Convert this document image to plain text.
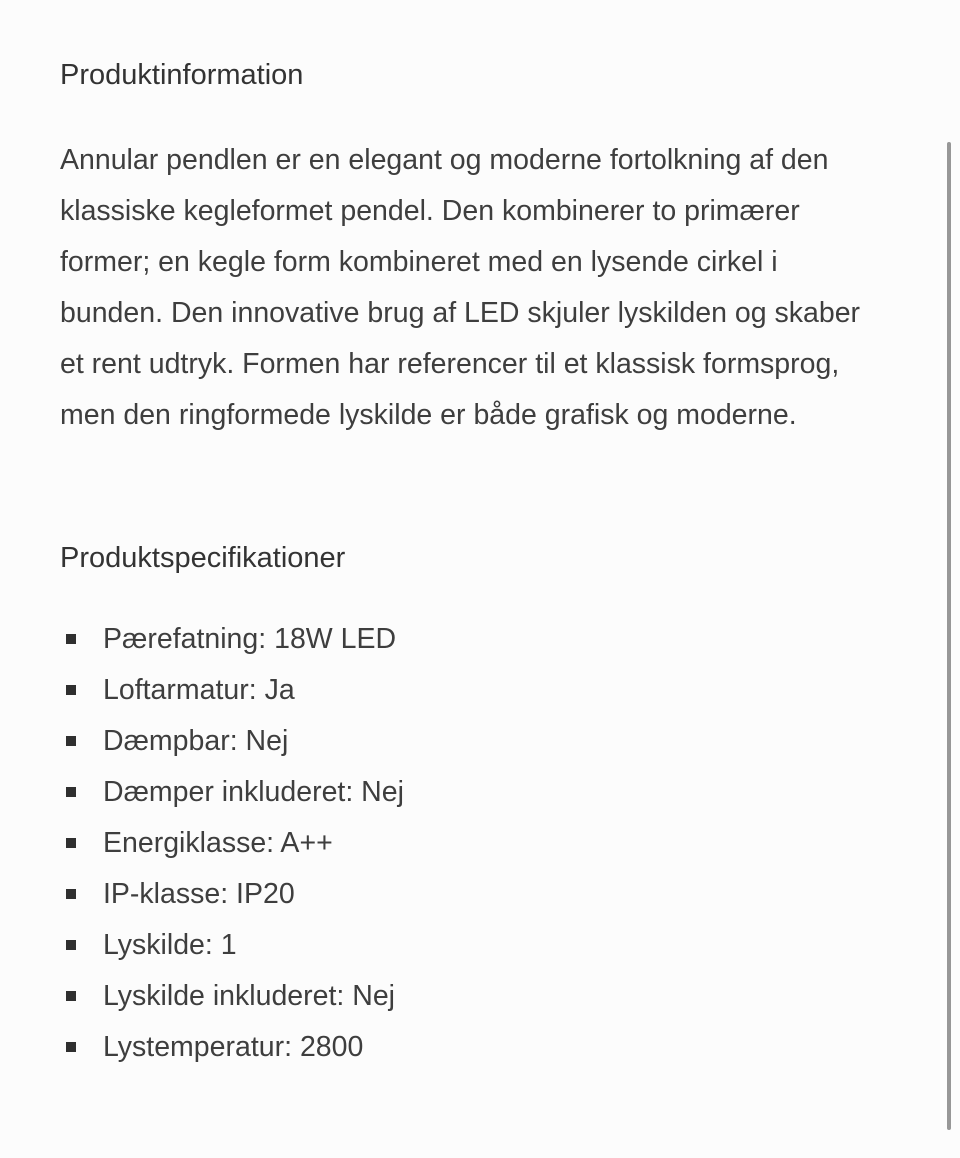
Produktinformation

Annular pendlen er en elegant og moderne fortolkning af den klassiske kegleformet pendel. Den kombinerer to primærer former; en kegle form kombineret med en lysende cirkel i bunden. Den innovative brug af LED skjuler lyskilden og skaber et rent udtryk. Formen har referencer til et klassisk formsprog, men den ringformede lyskilde er både grafisk og moderne.

Produktspecifikationer
Pærefatning: 18W LED
Loftarmatur: Ja
Dæmpbar: Nej
Dæmper inkluderet: Nej
Energiklasse: A++
IP-klasse: IP20
Lyskilde: 1
Lyskilde inkluderet: Nej
Lystemperatur: 2800
